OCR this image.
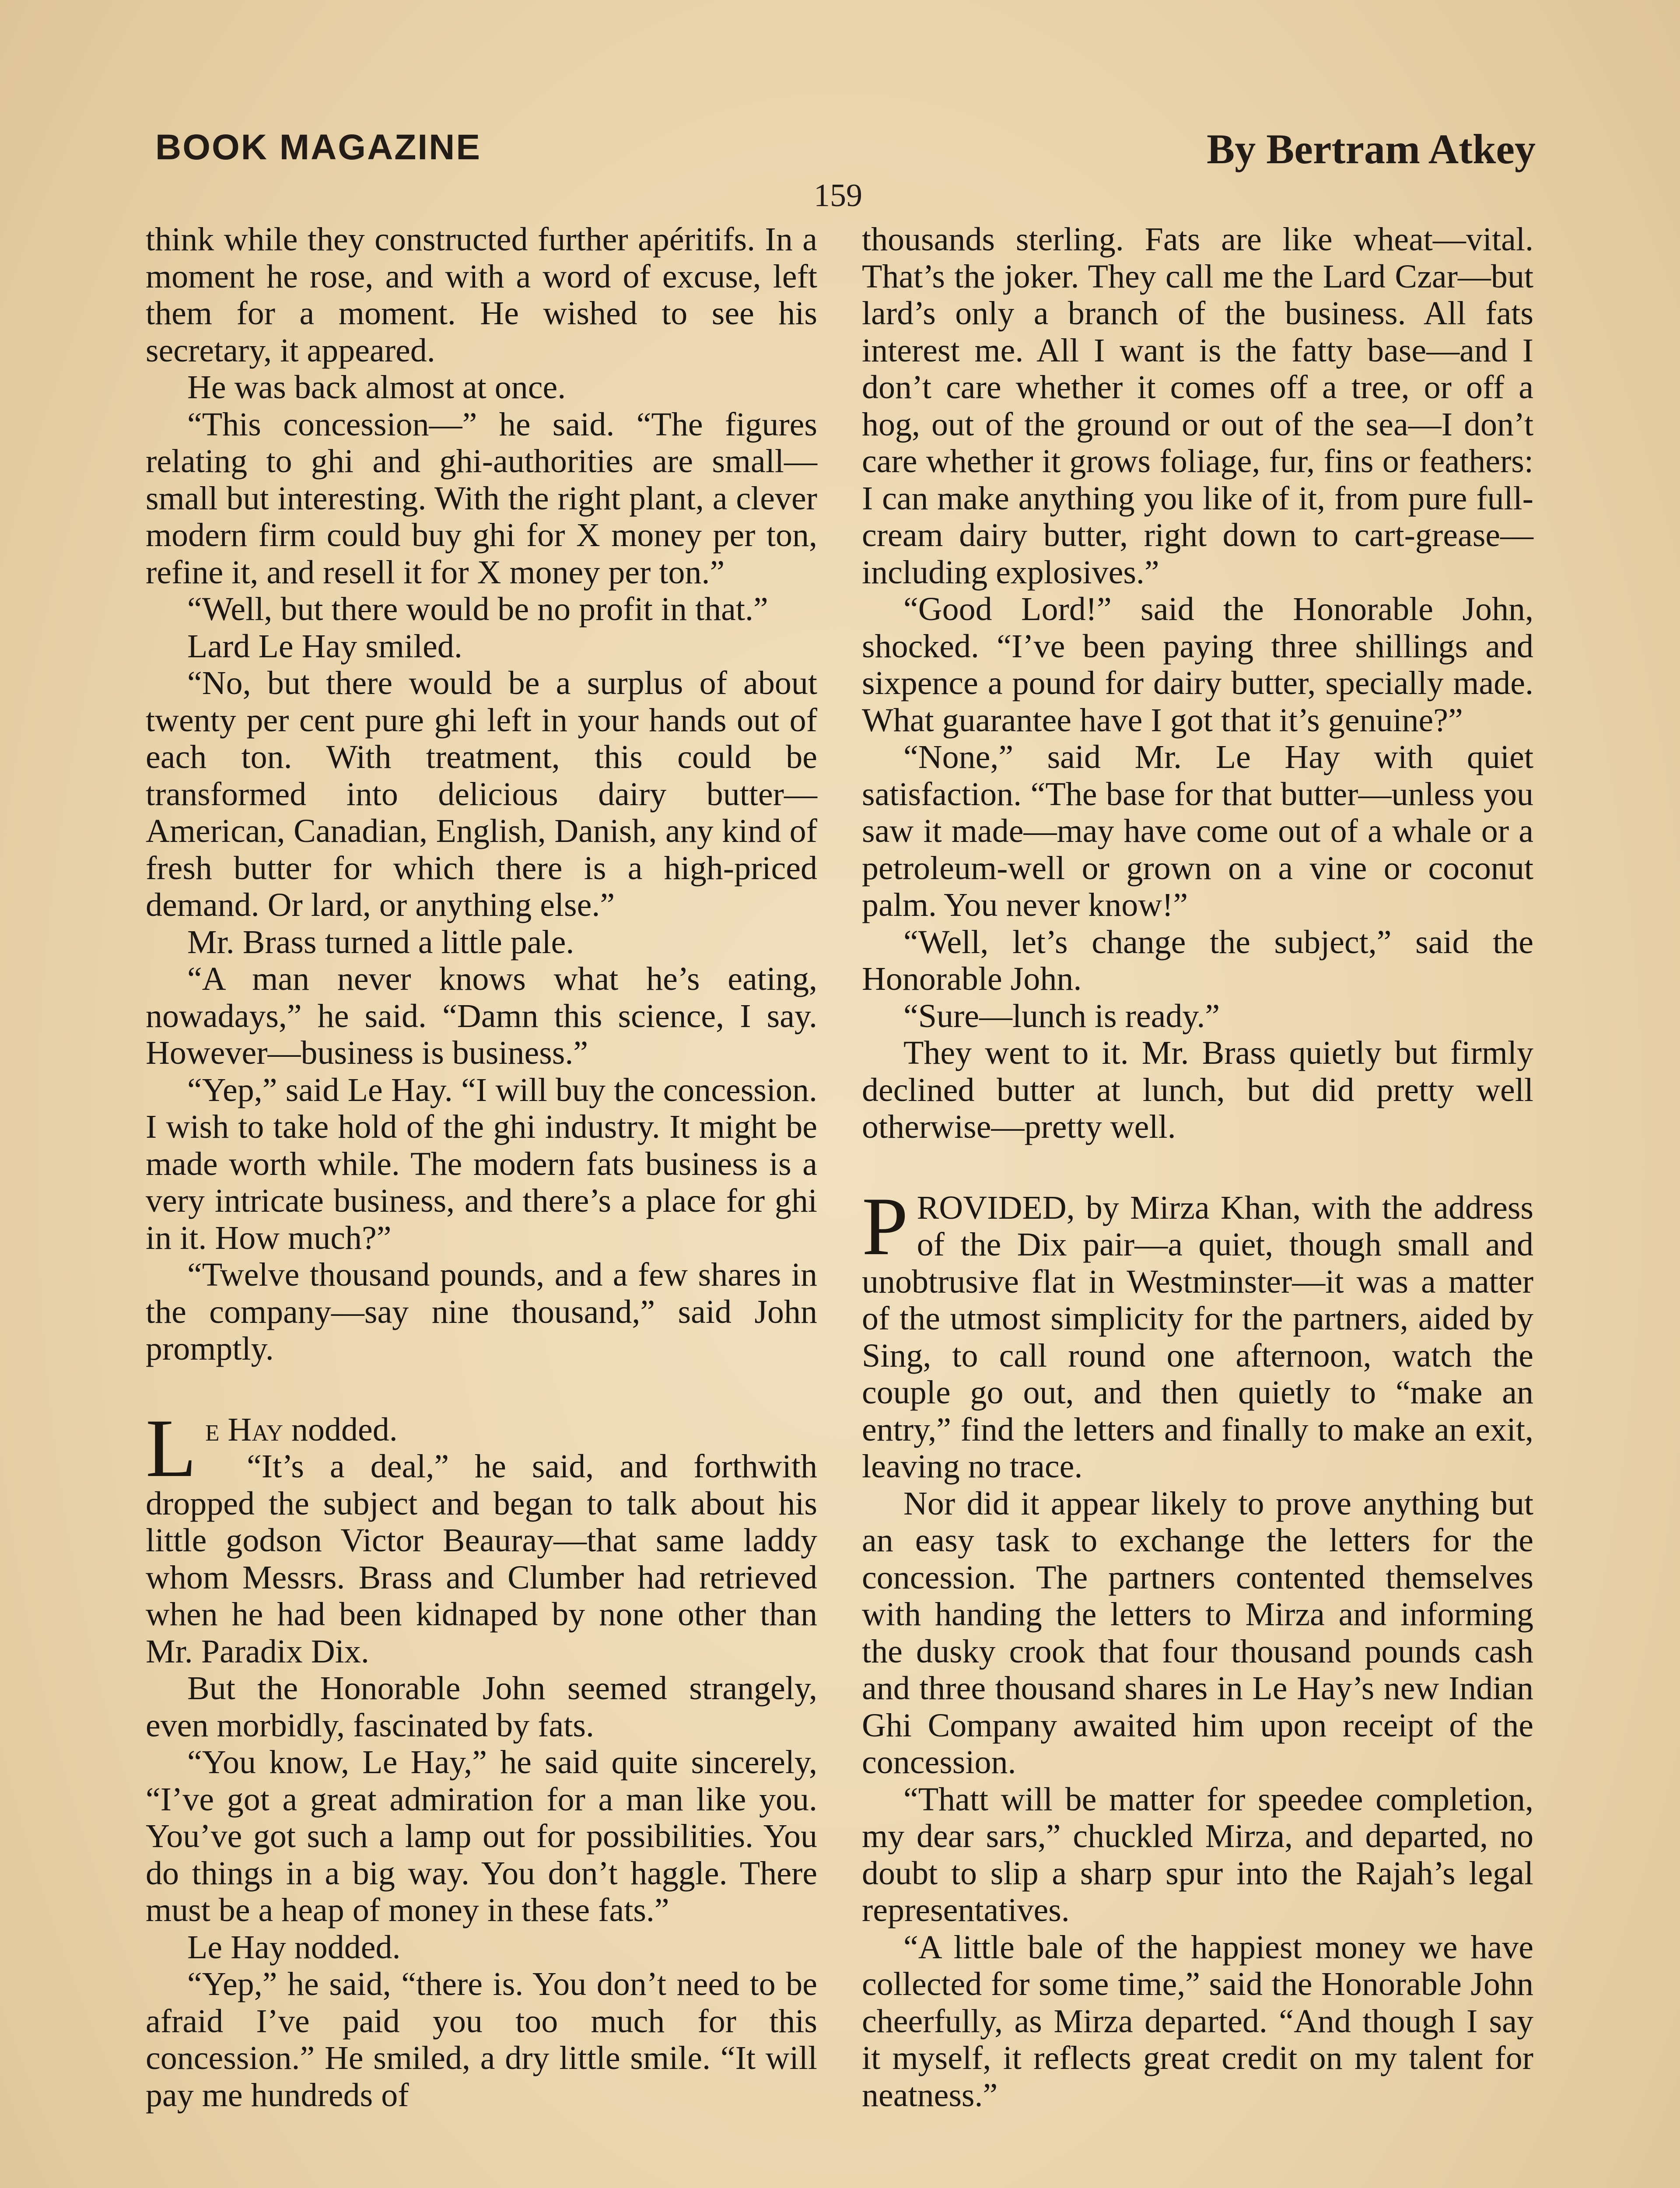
BOOK MAGAZINE	By Bertram Atkey
159

think while they constructed further apéritifs. In a moment he rose, and with a word of excuse, left them for a moment. He wished to see his secretary, it appeared.

He was back almost at once.

“This concession—” he said. “The figures relating to ghi and ghi-authorities are small—small but interesting. With the right plant, a clever modern firm could buy ghi for X money per ton, refine it, and resell it for X money per ton.”

“Well, but there would be no profit in that.”

Lard Le Hay smiled.

“No, but there would be a surplus of about twenty per cent pure ghi left in your hands out of each ton. With treatment, this could be transformed into delicious dairy butter—American, Canadian, English, Danish, any kind of fresh butter for which there is a high-priced demand. Or lard, or anything else.”

Mr. Brass turned a little pale.

“A man never knows what he’s eating, nowadays,” he said. “Damn this science, I say. However—business is business.”

“Yep,” said Le Hay. “I will buy the concession. I wish to take hold of the ghi industry. It might be made worth while. The modern fats business is a very intricate business, and there’s a place for ghi in it. How much?”

“Twelve thousand pounds, and a few shares in the company—say nine thousand,” said John promptly.

Le Hay nodded.

“It’s a deal,” he said, and forthwith dropped the subject and began to talk about his little godson Victor Beauray—that same laddy whom Messrs. Brass and Clumber had retrieved when he had been kidnaped by none other than Mr. Paradix Dix.

But the Honorable John seemed strangely, even morbidly, fascinated by fats.

“You know, Le Hay,” he said quite sincerely, “I’ve got a great admiration for a man like you. You’ve got such a lamp out for possibilities. You do things in a big way. You don’t haggle. There must be a heap of money in these fats.”

Le Hay nodded.

“Yep,” he said, “there is. You don’t need to be afraid I’ve paid you too much for this concession.” He smiled, a dry little smile. “It will pay me hundreds of

thousands sterling. Fats are like wheat—vital. That’s the joker. They call me the Lard Czar—but lard’s only a branch of the business. All fats interest me. All I want is the fatty base—and I don’t care whether it comes off a tree, or off a hog, out of the ground or out of the sea—I don’t care whether it grows foliage, fur, fins or feathers: I can make anything you like of it, from pure full-cream dairy butter, right down to cart-grease—including explosives.”

“Good Lord!” said the Honorable John, shocked. “I’ve been paying three shillings and sixpence a pound for dairy butter, specially made. What guarantee have I got that it’s genuine?”

“None,” said Mr. Le Hay with quiet satisfaction. “The base for that butter—unless you saw it made—may have come out of a whale or a petroleum-well or grown on a vine or coconut palm. You never know!”

“Well, let’s change the subject,” said the Honorable John.

“Sure—lunch is ready.”

They went to it. Mr. Brass quietly but firmly declined butter at lunch, but did pretty well otherwise—pretty well.

PROVIDED, by Mirza Khan, with the address of the Dix pair—a quiet, though small and unobtrusive flat in Westminster—it was a matter of the utmost simplicity for the partners, aided by Sing, to call round one afternoon, watch the couple go out, and then quietly to “make an entry,” find the letters and finally to make an exit, leaving no trace.

Nor did it appear likely to prove anything but an easy task to exchange the letters for the concession. The partners contented themselves with handing the letters to Mirza and informing the dusky crook that four thousand pounds cash and three thousand shares in Le Hay’s new Indian Ghi Company awaited him upon receipt of the concession.

“Thatt will be matter for speedee completion, my dear sars,” chuckled Mirza, and departed, no doubt to slip a sharp spur into the Rajah’s legal representatives.

“A little bale of the happiest money we have collected for some time,” said the Honorable John cheerfully, as Mirza departed. “And though I say it myself, it reflects great credit on my talent for neatness.”
